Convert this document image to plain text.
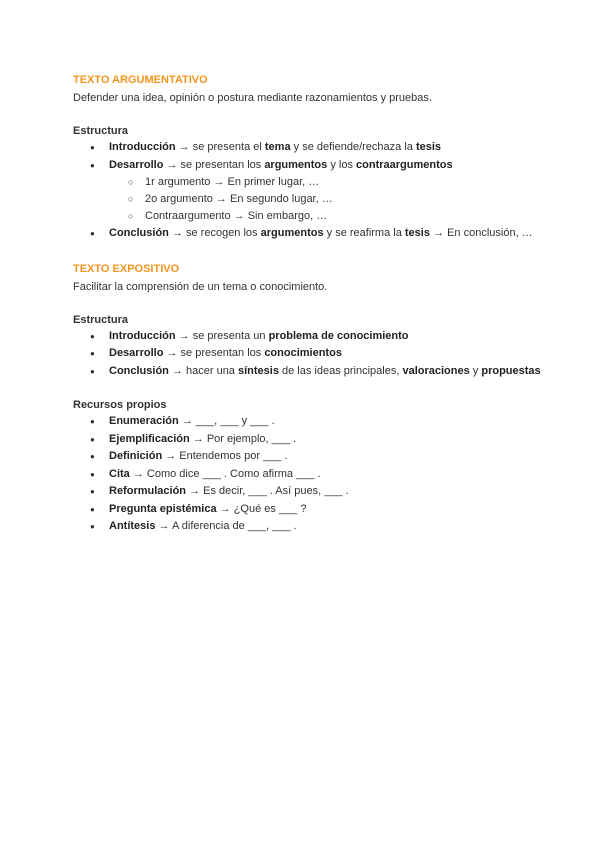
TEXTO ARGUMENTATIVO

Defender una idea, opinión o postura mediante razonamientos y pruebas.

Estructura

● Introducción → se presenta el tema y se defiende/rechaza la tesis
● Desarrollo → se presentan los argumentos y los contraargumentos
○ 1r argumento → En primer lugar, …
○ 2o argumento → En segundo lugar, …
○ Contraargumento → Sin embargo, …
● Conclusión → se recogen los argumentos y se reafirma la tesis → En conclusión, …
TEXTO EXPOSITIVO

Facilitar la comprensión de un tema o conocimiento.

Estructura

● Introducción → se presenta un problema de conocimiento
● Desarrollo → se presentan los conocimientos
● Conclusión → hacer una síntesis de las ideas principales, valoraciones y propuestas

Recursos propios

● Enumeración → ___, ___ y ___ .
● Ejemplificación → Por ejemplo, ___ .
● Definición → Entendemos por ___ .
● Cita → Como dice ___ . Como afirma ___ .
● Reformulación → Es decir, ___ . Así pues, ___ .
● Pregunta epistémica → ¿Qué es ___ ?
● Antítesis → A diferencia de ___, ___ .
